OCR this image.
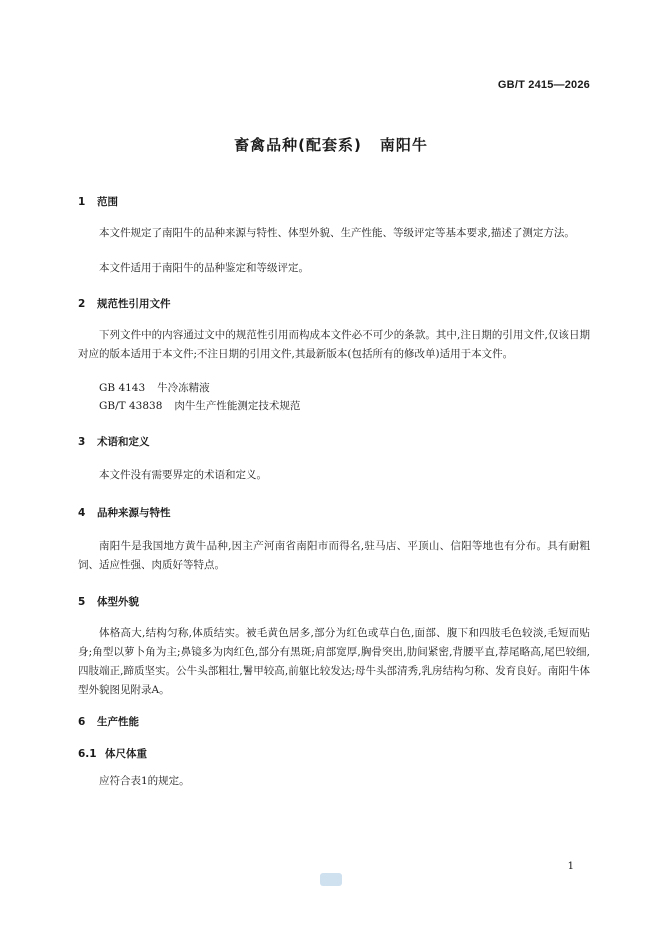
GB/T 2415—2026
畜禽品种(配套系) 南阳牛
1 范围

本文件规定了南阳牛的品种来源与特性、体型外貌、生产性能、等级评定等基本要求,描述了测定方法。

本文件适用于南阳牛的品种鉴定和等级评定。

2 规范性引用文件

下列文件中的内容通过文中的规范性引用而构成本文件必不可少的条款。其中,注日期的引用文件,仅该日期对应的版本适用于本文件;不注日期的引用文件,其最新版本(包括所有的修改单)适用于本文件。

GB 4143 牛冷冻精液
GB/T 43838 肉牛生产性能测定技术规范
3 术语和定义

本文件没有需要界定的术语和定义。

4 品种来源与特性

南阳牛是我国地方黄牛品种,因主产河南省南阳市而得名,驻马店、平顶山、信阳等地也有分布。具有耐粗饲、适应性强、肉质好等特点。

5 体型外貌

体格高大,结构匀称,体质结实。被毛黄色居多,部分为红色或草白色,面部、腹下和四肢毛色较淡,毛短而贴身;角型以萝卜角为主;鼻镜多为肉红色,部分有黑斑;肩部宽厚,胸骨突出,肋间紧密,背腰平直,荐尾略高,尾巴较细,四肢端正,蹄质坚实。公牛头部粗壮,鬐甲较高,前躯比较发达;母牛头部清秀,乳房结构匀称、发育良好。南阳牛体型外貌图见附录A。

6 生产性能
6.1 体尺体重

应符合表1的规定。

1
